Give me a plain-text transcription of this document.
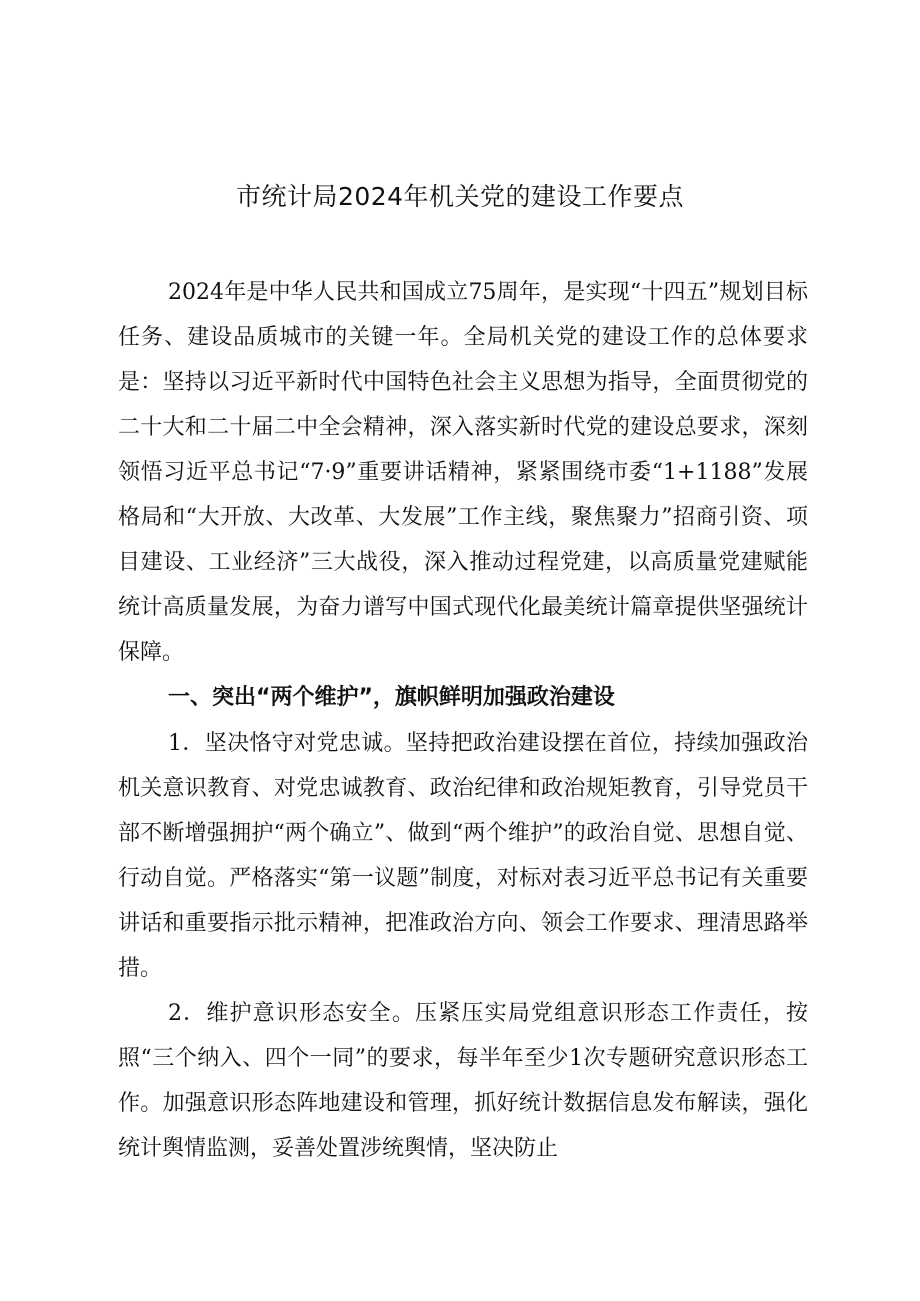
市统计局2024年机关党的建设工作要点

2024年是中华人民共和国成立75周年，是实现“十四五”规划目标任务、建设品质城市的关键一年。全局机关党的建设工作的总体要求是：坚持以习近平新时代中国特色社会主义思想为指导，全面贯彻党的二十大和二十届二中全会精神，深入落实新时代党的建设总要求，深刻领悟习近平总书记“7·9”重要讲话精神，紧紧围绕市委“1+1188”发展格局和“大开放、大改革、大发展”工作主线，聚焦聚力”招商引资、项目建设、工业经济”三大战役，深入推动过程党建，以高质量党建赋能统计高质量发展，为奋力谱写中国式现代化最美统计篇章提供坚强统计保障。

一、突出“两个维护”，旗帜鲜明加强政治建设

1．坚决恪守对党忠诚。坚持把政治建设摆在首位，持续加强政治机关意识教育、对党忠诚教育、政治纪律和政治规矩教育，引导党员干部不断增强拥护“两个确立”、做到“两个维护”的政治自觉、思想自觉、行动自觉。严格落实“第一议题”制度，对标对表习近平总书记有关重要讲话和重要指示批示精神，把准政治方向、领会工作要求、理清思路举措。

2．维护意识形态安全。压紧压实局党组意识形态工作责任，按照“三个纳入、四个一同”的要求，每半年至少1次专题研究意识形态工作。加强意识形态阵地建设和管理，抓好统计数据信息发布解读，强化统计舆情监测，妥善处置涉统舆情，坚决防止
